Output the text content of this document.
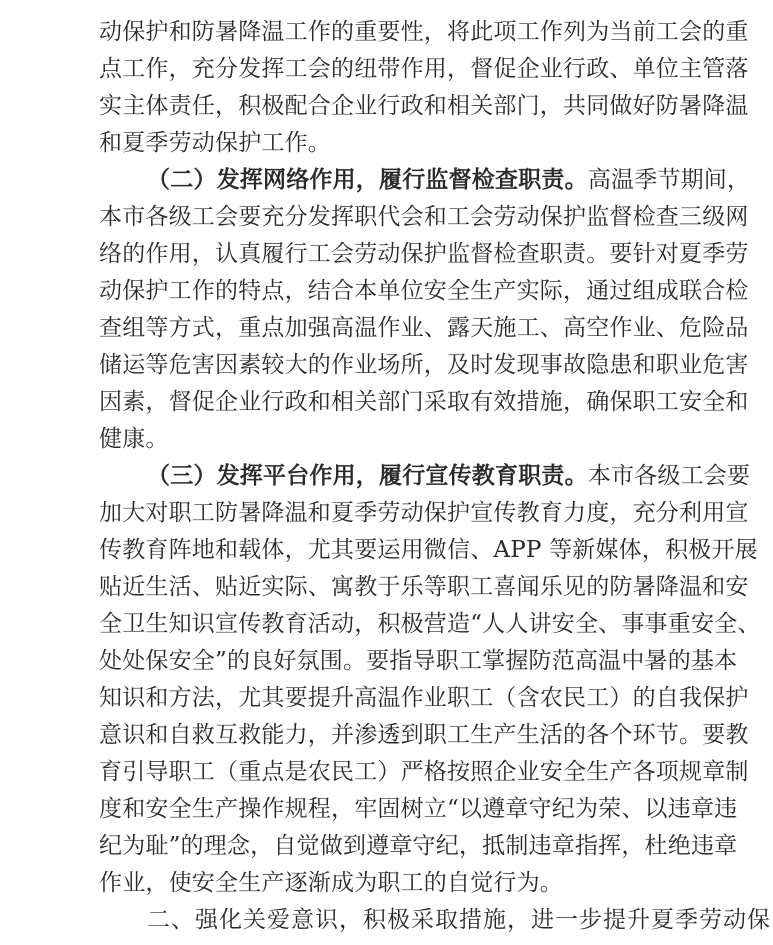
动保护和防暑降温工作的重要性，将此项工作列为当前工会的重
点工作，充分发挥工会的纽带作用，督促企业行政、单位主管落
实主体责任，积极配合企业行政和相关部门，共同做好防暑降温
和夏季劳动保护工作。
（二）发挥网络作用，履行监督检查职责。高温季节期间，
本市各级工会要充分发挥职代会和工会劳动保护监督检查三级网
络的作用，认真履行工会劳动保护监督检查职责。要针对夏季劳
动保护工作的特点，结合本单位安全生产实际，通过组成联合检
查组等方式，重点加强高温作业、露天施工、高空作业、危险品
储运等危害因素较大的作业场所，及时发现事故隐患和职业危害
因素，督促企业行政和相关部门采取有效措施，确保职工安全和
健康。
（三）发挥平台作用，履行宣传教育职责。本市各级工会要
加大对职工防暑降温和夏季劳动保护宣传教育力度，充分利用宣
传教育阵地和载体，尤其要运用微信、APP 等新媒体，积极开展
贴近生活、贴近实际、寓教于乐等职工喜闻乐见的防暑降温和安
全卫生知识宣传教育活动，积极营造“人人讲安全、事事重安全、
处处保安全”的良好氛围。要指导职工掌握防范高温中暑的基本
知识和方法，尤其要提升高温作业职工（含农民工）的自我保护
意识和自救互救能力，并渗透到职工生产生活的各个环节。要教
育引导职工（重点是农民工）严格按照企业安全生产各项规章制
度和安全生产操作规程，牢固树立“以遵章守纪为荣、以违章违
纪为耻”的理念，自觉做到遵章守纪，抵制违章指挥，杜绝违章
作业，使安全生产逐渐成为职工的自觉行为。
二、强化关爱意识，积极采取措施，进一步提升夏季劳动保
